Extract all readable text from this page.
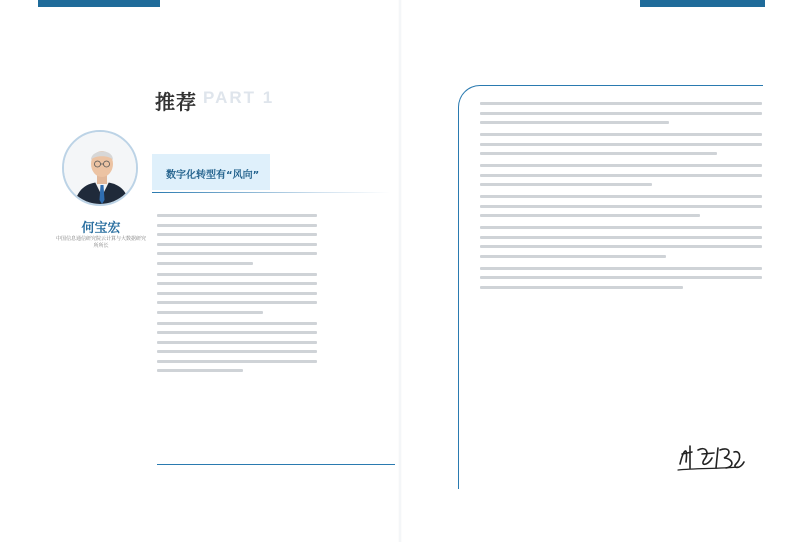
推荐 PART 1
何宝宏
中国信息通信研究院云计算与大数据研究所所长
数字化转型有“风向”
